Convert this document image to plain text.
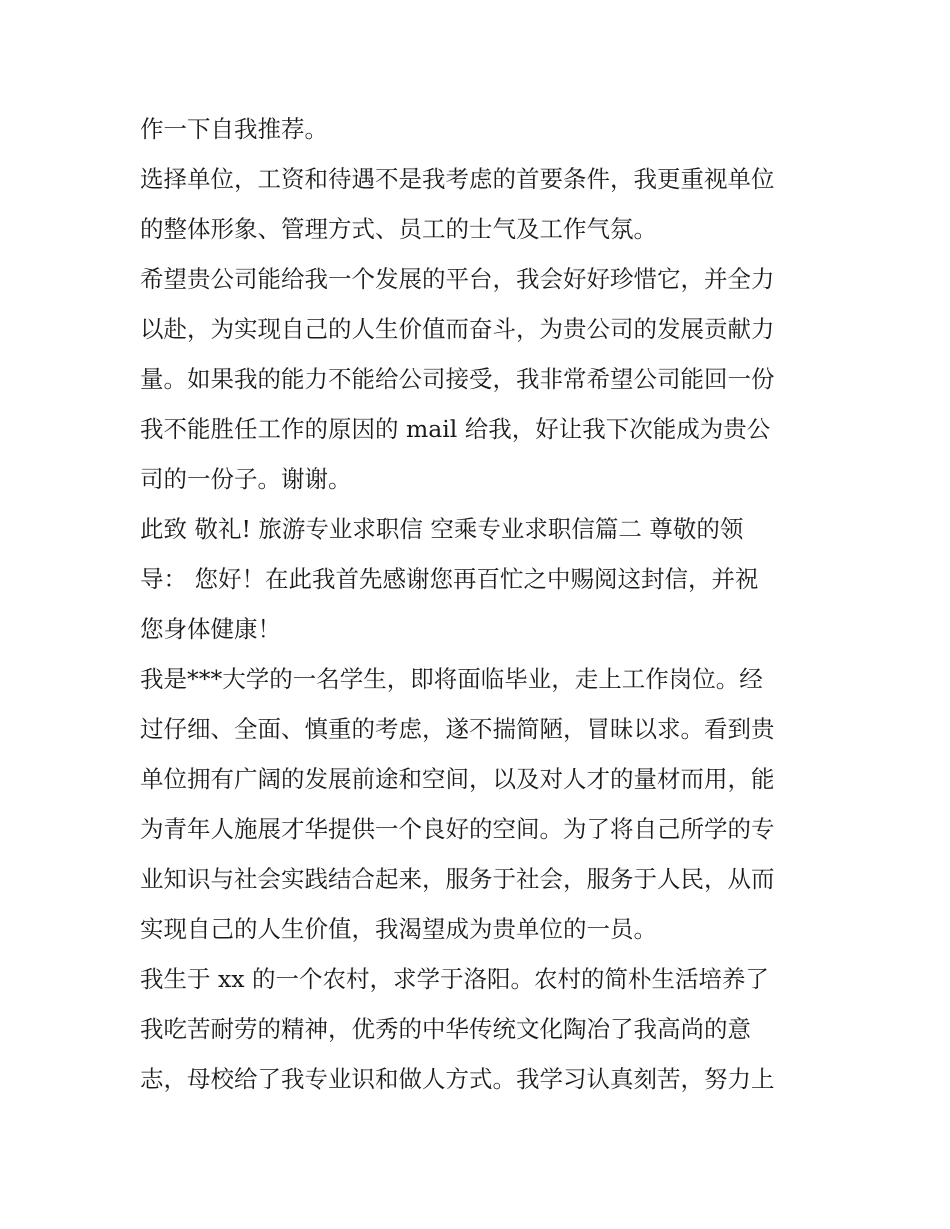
作一下自我推荐。
选择单位，工资和待遇不是我考虑的首要条件，我更重视单位
的整体形象、管理方式、员工的士气及工作气氛。
希望贵公司能给我一个发展的平台，我会好好珍惜它，并全力
以赴，为实现自己的人生价值而奋斗，为贵公司的发展贡献力
量。如果我的能力不能给公司接受，我非常希望公司能回一份
我不能胜任工作的原因的 mail 给我，好让我下次能成为贵公
司的一份子。谢谢。
此致 敬礼! 旅游专业求职信 空乘专业求职信篇二 尊敬的领
导： 您好！在此我首先感谢您再百忙之中赐阅这封信，并祝
您身体健康！
我是***大学的一名学生，即将面临毕业，走上工作岗位。经
过仔细、全面、慎重的考虑，遂不揣简陋，冒昧以求。看到贵
单位拥有广阔的发展前途和空间，以及对人才的量材而用，能
为青年人施展才华提供一个良好的空间。为了将自己所学的专
业知识与社会实践结合起来，服务于社会，服务于人民，从而
实现自己的人生价值，我渴望成为贵单位的一员。
我生于 xx 的一个农村，求学于洛阳。农村的简朴生活培养了
我吃苦耐劳的精神，优秀的中华传统文化陶冶了我高尚的意
志，母校给了我专业识和做人方式。我学习认真刻苦，努力上
